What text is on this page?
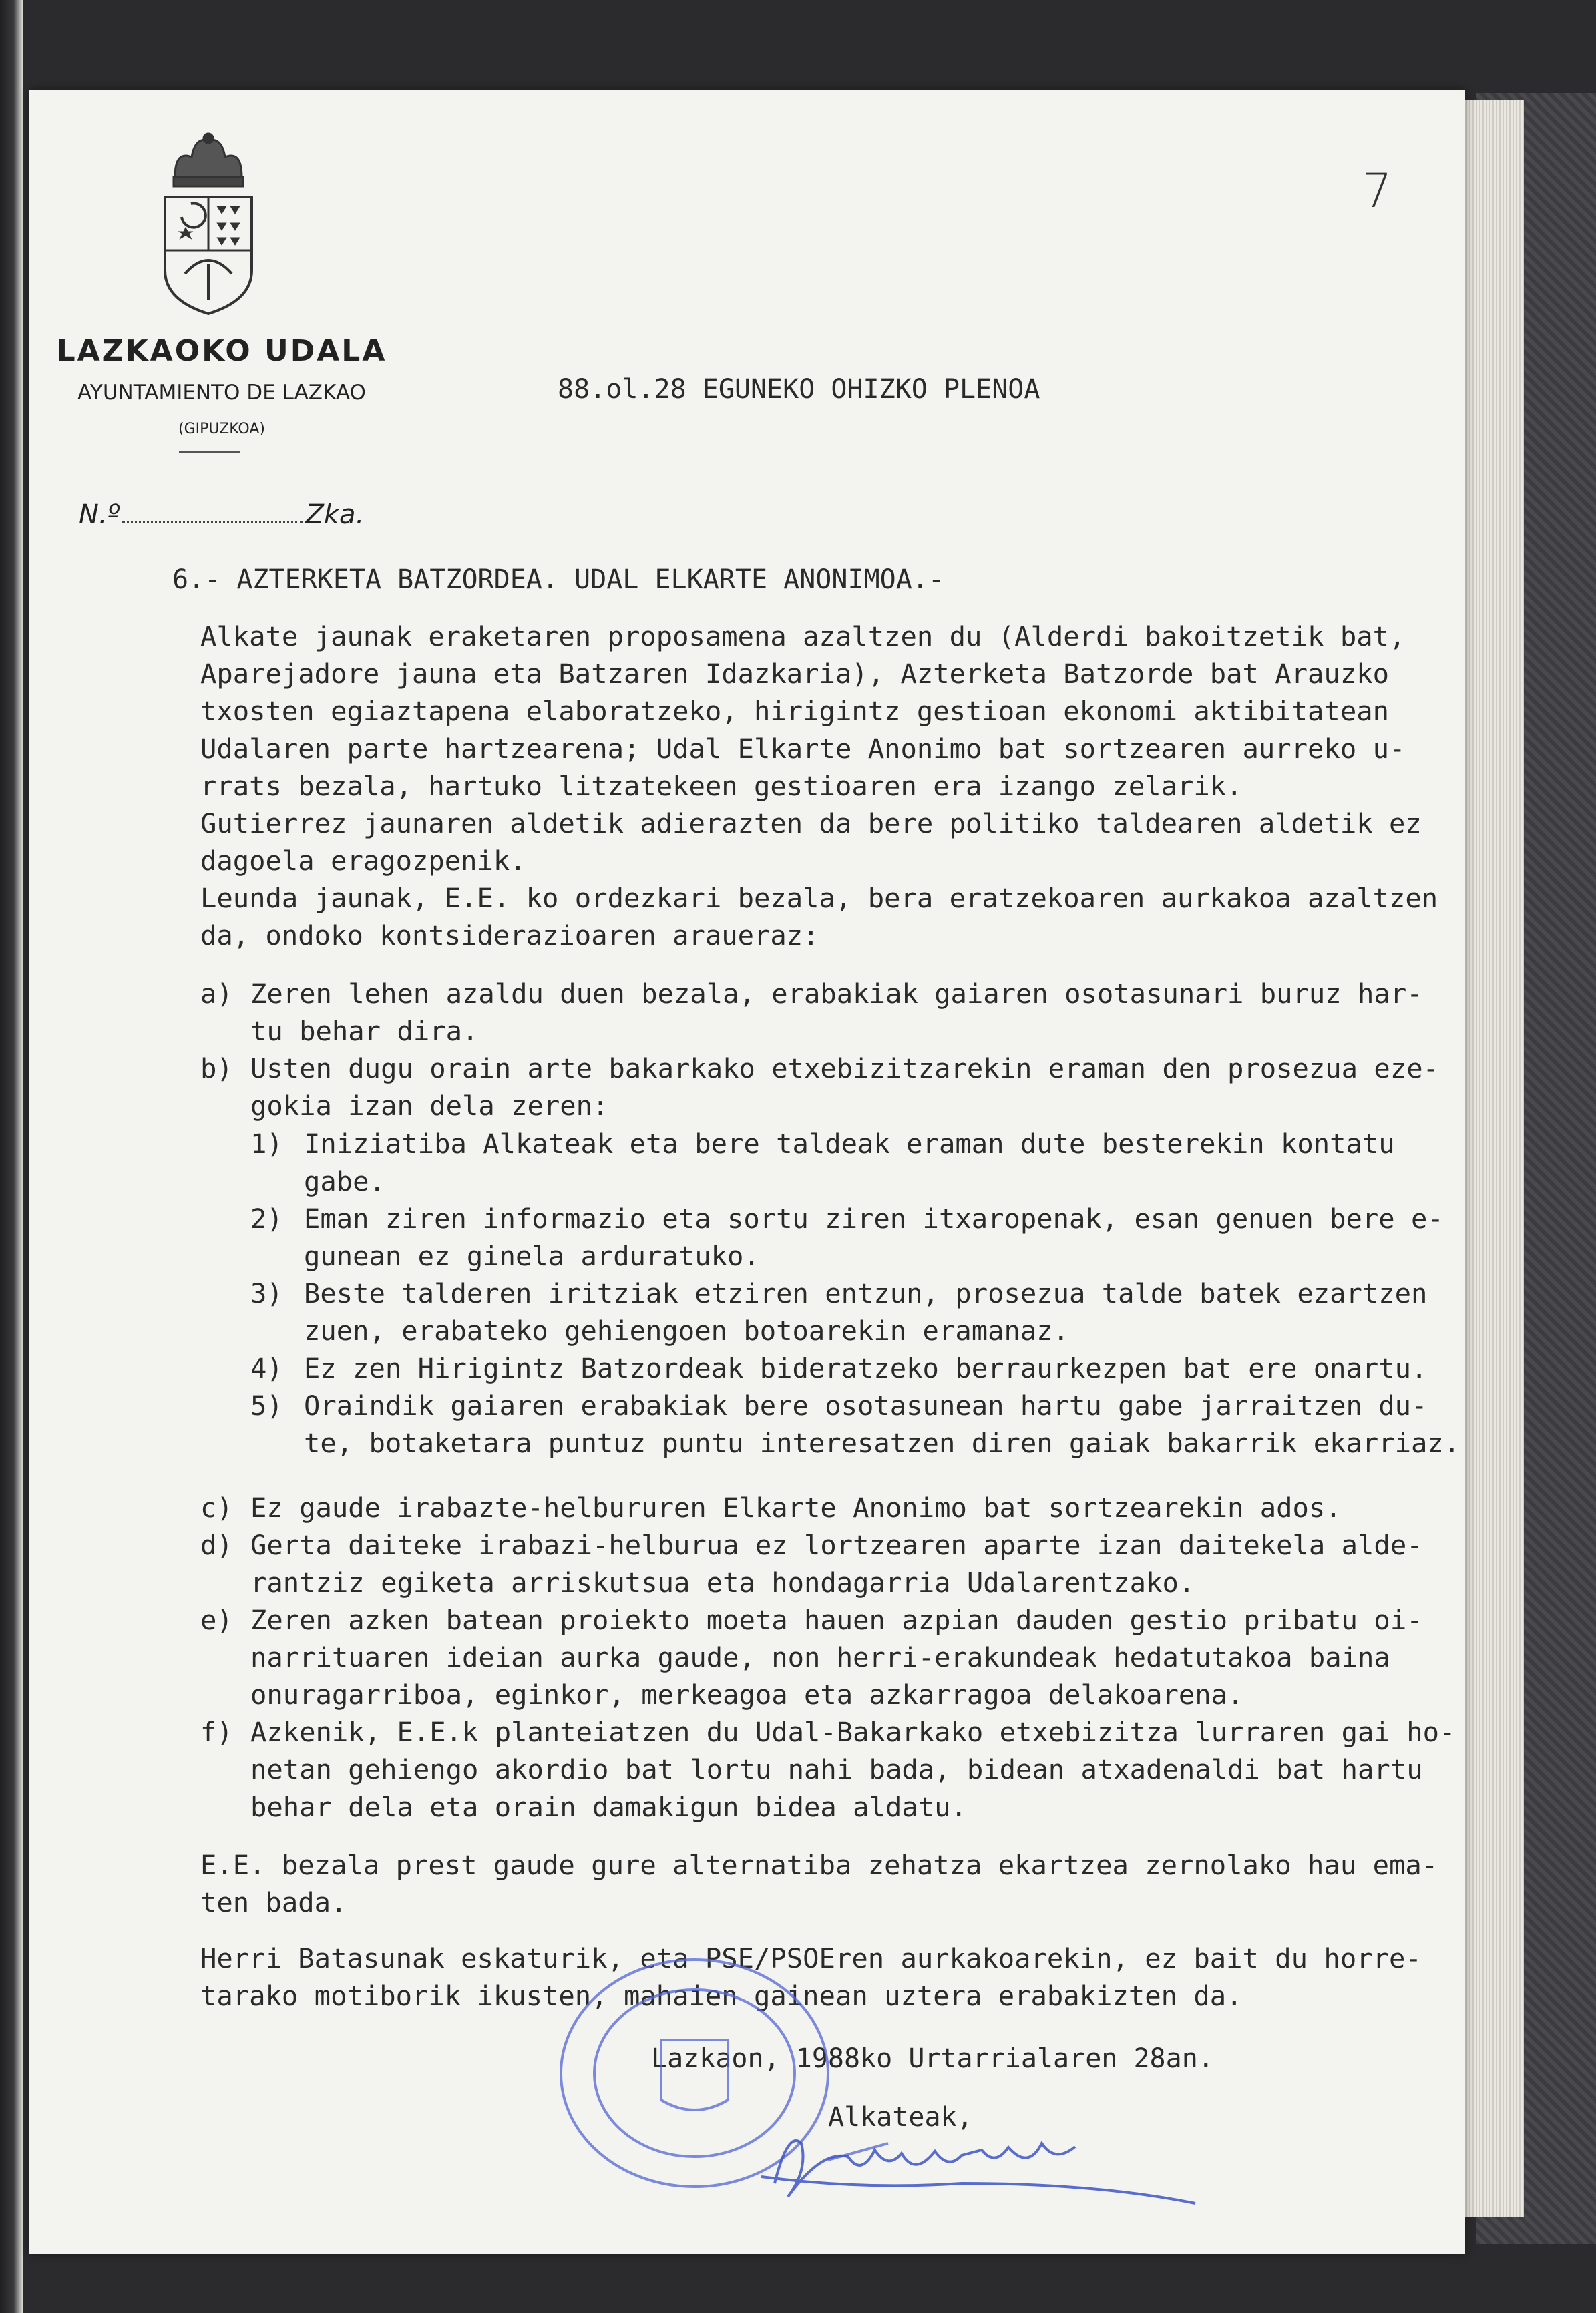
7
LAZKAOKO UDALA
AYUNTAMIENTO DE LAZKAO
(GIPUZKOA)
N.º	Zka.
88.ol.28 EGUNEKO OHIZKO PLENOA
6.- AZTERKETA BATZORDEA. UDAL ELKARTE ANONIMOA.-
Alkate jaunak eraketaren proposamena azaltzen du (Alderdi bakoitzetik bat,
Aparejadore jauna eta Batzaren Idazkaria), Azterketa Batzorde bat Arauzko
txosten egiaztapena elaboratzeko, hirigintz gestioan ekonomi aktibitatean
Udalaren parte hartzearena; Udal Elkarte Anonimo bat sortzearen aurreko u-
rrats bezala, hartuko litzatekeen gestioaren era izango zelarik.
Gutierrez jaunaren aldetik adierazten da bere politiko taldearen aldetik ez
dagoela eragozpenik.
Leunda jaunak, E.E. ko ordezkari bezala, bera eratzekoaren aurkakoa azaltzen
da, ondoko kontsiderazioaren araueraz:
a) Zeren lehen azaldu duen bezala, erabakiak gaiaren osotasunari buruz har-
tu behar dira.
b) Usten dugu orain arte bakarkako etxebizitzarekin eraman den prosezua eze-
gokia izan dela zeren:
1) Iniziatiba Alkateak eta bere taldeak eraman dute besterekin kontatu
gabe.
2) Eman ziren informazio eta sortu ziren itxaropenak, esan genuen bere e-
gunean ez ginela arduratuko.
3) Beste talderen iritziak etziren entzun, prosezua talde batek ezartzen
zuen, erabateko gehiengoen botoarekin eramanaz.
4) Ez zen Hirigintz Batzordeak bideratzeko berraurkezpen bat ere onartu.
5) Oraindik gaiaren erabakiak bere osotasunean hartu gabe jarraitzen du-
te, botaketara puntuz puntu interesatzen diren gaiak bakarrik ekarriaz.
c) Ez gaude irabazte-helbururen Elkarte Anonimo bat sortzearekin ados.
d) Gerta daiteke irabazi-helburua ez lortzearen aparte izan daitekela alde-
rantziz egiketa arriskutsua eta hondagarria Udalarentzako.
e) Zeren azken batean proiekto moeta hauen azpian dauden gestio pribatu oi-
narrituaren ideian aurka gaude, non herri-erakundeak hedatutakoa baina
onuragarriboa, eginkor, merkeagoa eta azkarragoa delakoarena.
f) Azkenik, E.E.k planteiatzen du Udal-Bakarkako etxebizitza lurraren gai ho-
netan gehiengo akordio bat lortu nahi bada, bidean atxadenaldi bat hartu
behar dela eta orain damakigun bidea aldatu.
E.E. bezala prest gaude gure alternatiba zehatza ekartzea zernolako hau ema-
ten bada.
Herri Batasunak eskaturik, eta PSE/PSOEren aurkakoarekin, ez bait du horre-
tarako motiborik ikusten, mahaien gainean uztera erabakizten da.
Lazkaon, 1988ko Urtarrialaren 28an.
Alkateak,
